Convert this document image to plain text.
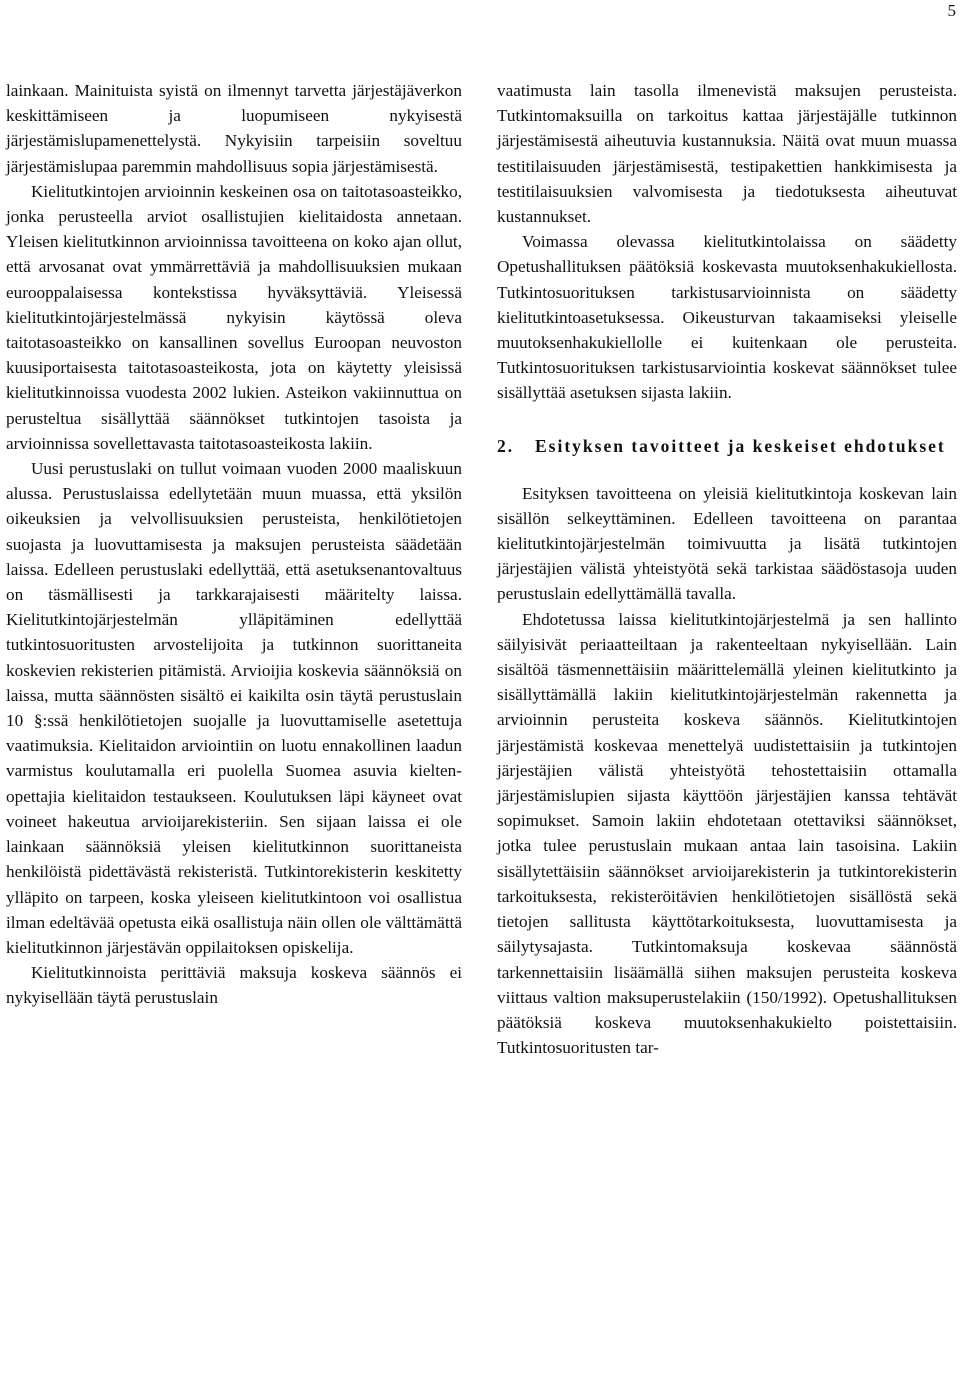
5

lainkaan. Mainituista syistä on ilmennyt tarvetta järjestäjäverkon keskittämiseen ja luopumiseen nykyisestä järjestämislupamenettelystä. Nykyisiin tarpeisiin soveltuu järjestämislupaa paremmin mahdollisuus sopia järjestämisestä.

Kielitutkintojen arvioinnin keskeinen osa on taitotasoasteikko, jonka perusteella arviot osallistujien kielitaidosta annetaan. Yleisen kielitutkinnon arvioinnissa tavoitteena on koko ajan ollut, että arvosanat ovat ymmärrettäviä ja mahdollisuuksien mukaan eurooppalaisessa kontekstissa hyväksyttäviä. Yleisessä kielitutkintojärjestelmässä nykyisin käytössä oleva taitotasoasteikko on kansallinen sovellus Euroopan neuvoston kuusiportaisesta taitotasoasteikosta, jota on käytetty yleisissä kielitutkinnoissa vuodesta 2002 lukien. Asteikon vakiinnuttua on perusteltua sisällyttää säännökset tutkintojen tasoista ja arvioinnissa sovellettavasta taitotasoasteikosta lakiin.

Uusi perustuslaki on tullut voimaan vuoden 2000 maaliskuun alussa. Perustuslaissa edellytetään muun muassa, että yksilön oikeuksien ja velvollisuuksien perusteista, henkilötietojen suojasta ja luovuttamisesta ja maksujen perusteista säädetään laissa. Edelleen perustuslaki edellyttää, että asetuksenantovaltuus on täsmällisesti ja tarkkarajaisesti määritelty laissa. Kielitutkintojärjestelmän ylläpitäminen edellyttää tutkintosuoritusten arvostelijoita ja tutkinnon suorittaneita koskevien rekisterien pitämistä. Arvioijia koskevia säännöksiä on laissa, mutta säännösten sisältö ei kaikilta osin täytä perustuslain 10 §:ssä henkilötietojen suojalle ja luovuttamiselle asetettuja vaatimuksia. Kielitaidon arviointiin on luotu ennakollinen laadun varmistus koulutamalla eri puolella Suomea asuvia kieltenopettajia kielitaidon testaukseen. Koulutuksen läpi käyneet ovat voineet hakeutua arvioijarekisteriin. Sen sijaan laissa ei ole lainkaan säännöksiä yleisen kielitutkinnon suorittaneista henkilöistä pidettävästä rekisteristä. Tutkintorekisterin keskitetty ylläpito on tarpeen, koska yleiseen kielitutkintoon voi osallistua ilman edeltävää opetusta eikä osallistuja näin ollen ole välttämättä kielitutkinnon järjestävän oppilaitoksen opiskelija.

Kielitutkinnoista perittäviä maksuja koskeva säännös ei nykyisellään täytä perustuslain

vaatimusta lain tasolla ilmenevistä maksujen perusteista. Tutkintomaksuilla on tarkoitus kattaa järjestäjälle tutkinnon järjestämisestä aiheutuvia kustannuksia. Näitä ovat muun muassa testitilaisuuden järjestämisestä, testipakettien hankkimisesta ja testitilaisuuksien valvomisesta ja tiedotuksesta aiheutuvat kustannukset.

Voimassa olevassa kielitutkintolaissa on säädetty Opetushallituksen päätöksiä koskevasta muutoksenhakukiellosta. Tutkintosuorituksen tarkistusarvioinnista on säädetty kielitutkintoasetuksessa. Oikeusturvan takaamiseksi yleiselle muutoksenhakukiellolle ei kuitenkaan ole perusteita. Tutkintosuorituksen tarkistusarviointia koskevat säännökset tulee sisällyttää asetuksen sijasta lakiin.

2.	Esityksen tavoitteet ja keskeiset ehdotukset

Esityksen tavoitteena on yleisiä kielitutkintoja koskevan lain sisällön selkeyttäminen. Edelleen tavoitteena on parantaa kielitutkintojärjestelmän toimivuutta ja lisätä tutkintojen järjestäjien välistä yhteistyötä sekä tarkistaa säädöstasoja uuden perustuslain edellyttämällä tavalla.

Ehdotetussa laissa kielitutkintojärjestelmä ja sen hallinto säilyisivät periaatteiltaan ja rakenteeltaan nykyisellään. Lain sisältöä täsmennettäisiin määrittelemällä yleinen kielitutkinto ja sisällyttämällä lakiin kielitutkintojärjestelmän rakennetta ja arvioinnin perusteita koskeva säännös. Kielitutkintojen järjestämistä koskevaa menettelyä uudistettaisiin ja tutkintojen järjestäjien välistä yhteistyötä tehostettaisiin ottamalla järjestämislupien sijasta käyttöön järjestäjien kanssa tehtävät sopimukset. Samoin lakiin ehdotetaan otettaviksi säännökset, jotka tulee perustuslain mukaan antaa lain tasoisina. Lakiin sisällytettäisiin säännökset arvioijarekisterin ja tutkintorekisterin tarkoituksesta, rekisteröitävien henkilötietojen sisällöstä sekä tietojen sallitusta käyttötarkoituksesta, luovuttamisesta ja säilytysajasta. Tutkintomaksuja koskevaa säännöstä tarkennettaisiin lisäämällä siihen maksujen perusteita koskeva viittaus valtion maksuperustelakiin (150/1992). Opetushallituksen päätöksiä koskeva muutoksenhakukielto poistettaisiin. Tutkintosuoritusten tar-
